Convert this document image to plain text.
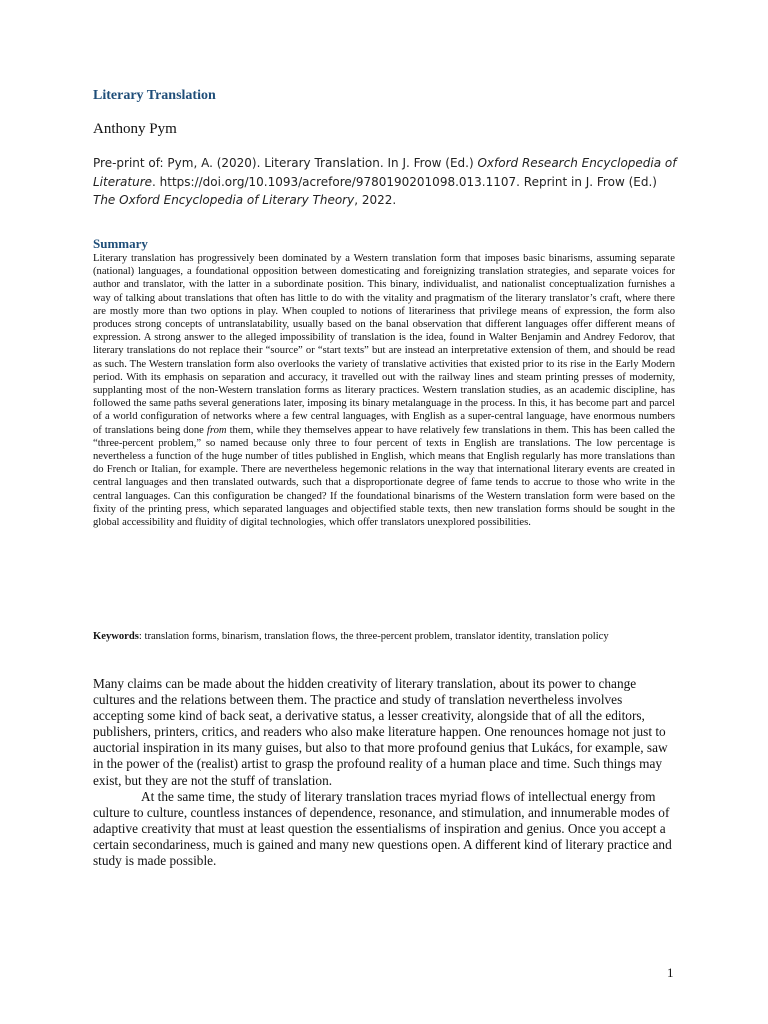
Literary Translation
Anthony Pym
Pre-print of: Pym, A. (2020). Literary Translation. In J. Frow (Ed.) Oxford Research Encyclopedia of Literature. https://doi.org/10.1093/acrefore/9780190201098.013.1107. Reprint in J. Frow (Ed.) The Oxford Encyclopedia of Literary Theory, 2022.
Summary
Literary translation has progressively been dominated by a Western translation form that imposes basic binarisms, assuming separate (national) languages, a foundational opposition between domesticating and foreignizing translation strategies, and separate voices for author and translator, with the latter in a subordinate position. This binary, individualist, and nationalist conceptualization furnishes a way of talking about translations that often has little to do with the vitality and pragmatism of the literary translator’s craft, where there are mostly more than two options in play. When coupled to notions of literariness that privilege means of expression, the form also produces strong concepts of untranslatability, usually based on the banal observation that different languages offer different means of expression. A strong answer to the alleged impossibility of translation is the idea, found in Walter Benjamin and Andrey Fedorov, that literary translations do not replace their “source” or “start texts” but are instead an interpretative extension of them, and should be read as such. The Western translation form also overlooks the variety of translative activities that existed prior to its rise in the Early Modern period. With its emphasis on separation and accuracy, it travelled out with the railway lines and steam printing presses of modernity, supplanting most of the non-Western translation forms as literary practices. Western translation studies, as an academic discipline, has followed the same paths several generations later, imposing its binary metalanguage in the process. In this, it has become part and parcel of a world configuration of networks where a few central languages, with English as a super-central language, have enormous numbers of translations being done from them, while they themselves appear to have relatively few translations in them. This has been called the “three-percent problem,” so named because only three to four percent of texts in English are translations. The low percentage is nevertheless a function of the huge number of titles published in English, which means that English regularly has more translations than do French or Italian, for example. There are nevertheless hegemonic relations in the way that international literary events are created in central languages and then translated outwards, such that a disproportionate degree of fame tends to accrue to those who write in the central languages. Can this configuration be changed? If the foundational binarisms of the Western translation form were based on the fixity of the printing press, which separated languages and objectified stable texts, then new translation forms should be sought in the global accessibility and fluidity of digital technologies, which offer translators unexplored possibilities.
Keywords: translation forms, binarism, translation flows, the three-percent problem, translator identity, translation policy

Many claims can be made about the hidden creativity of literary translation, about its power to change cultures and the relations between them. The practice and study of translation nevertheless involves accepting some kind of back seat, a derivative status, a lesser creativity, alongside that of all the editors, publishers, printers, critics, and readers who also make literature happen. One renounces homage not just to auctorial inspiration in its many guises, but also to that more profound genius that Lukács, for example, saw in the power of the (realist) artist to grasp the profound reality of a human place and time. Such things may exist, but they are not the stuff of translation.

At the same time, the study of literary translation traces myriad flows of intellectual energy from culture to culture, countless instances of dependence, resonance, and stimulation, and innumerable modes of adaptive creativity that must at least question the essentialisms of inspiration and genius. Once you accept a certain secondariness, much is gained and many new questions open. A different kind of literary practice and study is made possible.

1
